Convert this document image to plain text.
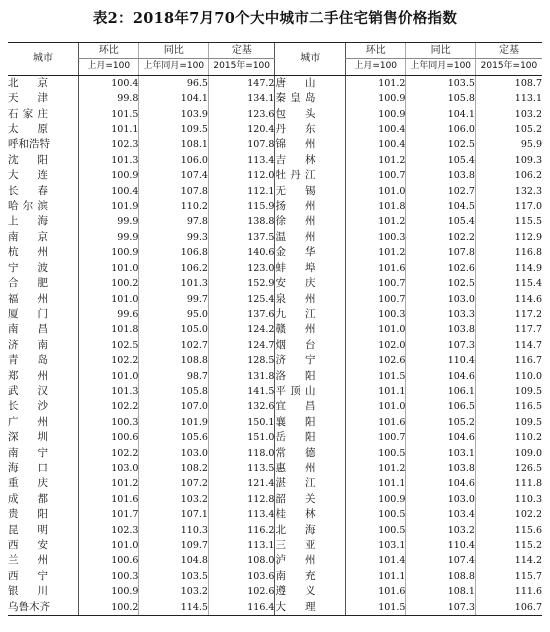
表2：2018年7月70个大中城市二手住宅销售价格指数
城市	环比	同比	定基	城市	环比	同比	定基
	上月=100	上年同月=100	2015年=100		上月=100	上年同月=100	2015年=100
北　京	100.4	96.5	147.2	唐　山	101.2	103.5	108.7
天　津	99.8	104.1	134.1	秦皇岛	100.9	105.8	113.1
石家庄	101.5	103.9	123.6	包　头	100.9	104.1	103.2
太　原	101.1	109.5	120.4	丹　东	100.4	106.0	105.2
呼和浩特	102.3	108.1	107.8	锦　州	100.4	102.5	95.9
沈　阳	101.3	106.0	113.4	吉　林	101.2	105.4	109.3
大　连	100.9	107.4	112.0	牡丹江	100.7	103.8	106.2
长　春	100.4	107.8	112.1	无　锡	101.0	102.7	132.3
哈尔滨	101.9	110.2	115.9	扬　州	101.8	104.5	117.0
上　海	99.9	97.8	138.8	徐　州	101.2	105.4	115.5
南　京	99.9	99.3	137.5	温　州	100.3	102.2	112.9
杭　州	100.9	106.8	140.6	金　华	101.2	107.8	116.8
宁　波	101.0	106.2	123.0	蚌　埠	101.6	102.6	114.9
合　肥	100.2	101.3	152.9	安　庆	100.7	102.5	115.4
福　州	101.0	99.7	125.4	泉　州	100.7	103.0	114.6
厦　门	99.6	95.0	137.6	九　江	100.3	103.3	117.2
南　昌	101.8	105.0	124.2	赣　州	101.0	103.8	117.7
济　南	102.5	102.7	124.7	烟　台	102.0	107.3	114.7
青　岛	102.2	108.8	128.5	济　宁	102.6	110.4	116.7
郑　州	101.0	98.7	131.8	洛　阳	101.5	104.6	110.0
武　汉	101.3	105.8	141.5	平顶山	101.1	106.1	109.5
长　沙	102.2	107.0	132.6	宜　昌	101.0	106.5	116.5
广　州	100.3	101.9	150.1	襄　阳	101.6	105.2	109.5
深　圳	100.6	105.6	151.0	岳　阳	100.7	104.6	110.2
南　宁	102.2	103.0	118.0	常　德	100.5	103.1	109.0
海　口	103.0	108.2	113.5	惠　州	101.2	103.8	126.5
重　庆	101.2	107.2	121.4	湛　江	101.1	104.6	111.8
成　都	101.6	103.2	112.8	韶　关	100.9	103.0	110.3
贵　阳	101.7	107.1	113.4	桂　林	100.5	103.4	102.2
昆　明	102.3	110.3	116.2	北　海	100.5	103.2	115.6
西　安	101.0	109.7	113.1	三　亚	103.1	110.4	115.2
兰　州	100.6	104.8	108.0	泸　州	101.4	107.4	114.2
西　宁	100.3	103.5	103.6	南　充	101.1	108.8	115.7
银　川	100.9	103.2	102.6	遵　义	101.6	108.1	111.6
乌鲁木齐	100.2	114.5	116.4	大　理	101.5	107.3	106.7
